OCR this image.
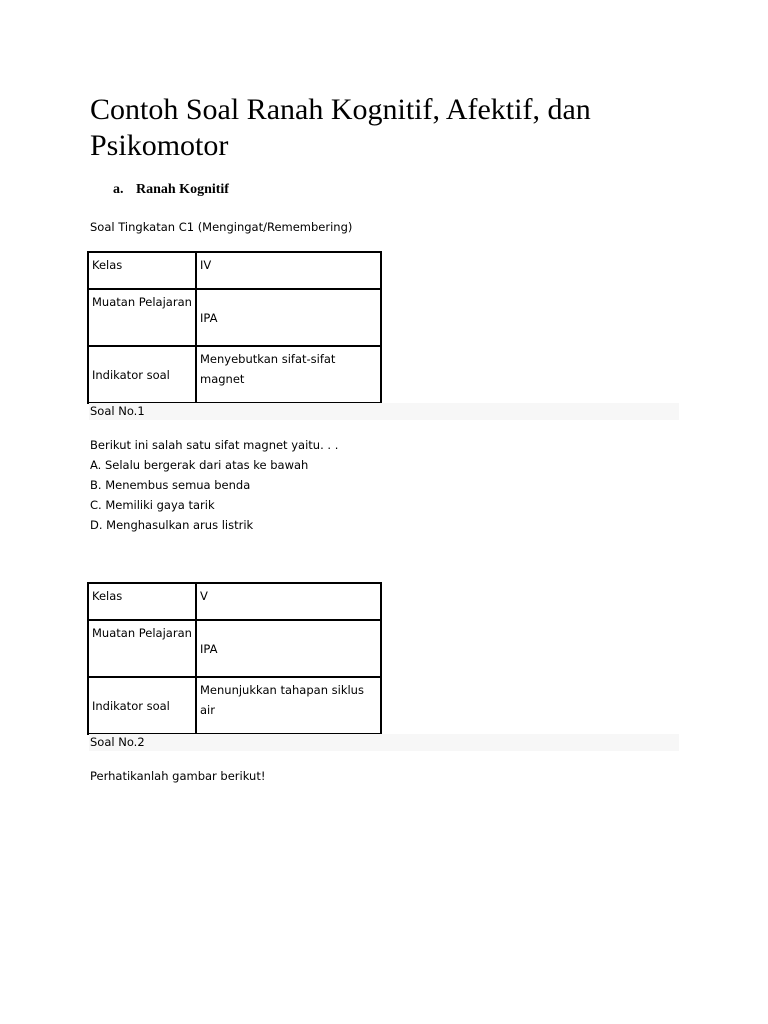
Contoh Soal Ranah Kognitif, Afektif, dan Psikomotor

a. Ranah Kognitif

Soal Tingkatan C1 (Mengingat/Remembering)

Kelas	IV
Muatan Pelajaran	IPA
Indikator soal	Menyebutkan sifat-sifat magnet
Soal No.1

Berikut ini salah satu sifat magnet yaitu. . .

A. Selalu bergerak dari atas ke bawah

B. Menembus semua benda

C. Memiliki gaya tarik

D. Menghasulkan arus listrik

Kelas	V
Muatan Pelajaran	IPA
Indikator soal	Menunjukkan tahapan siklus air
Soal No.2

Perhatikanlah gambar berikut!
